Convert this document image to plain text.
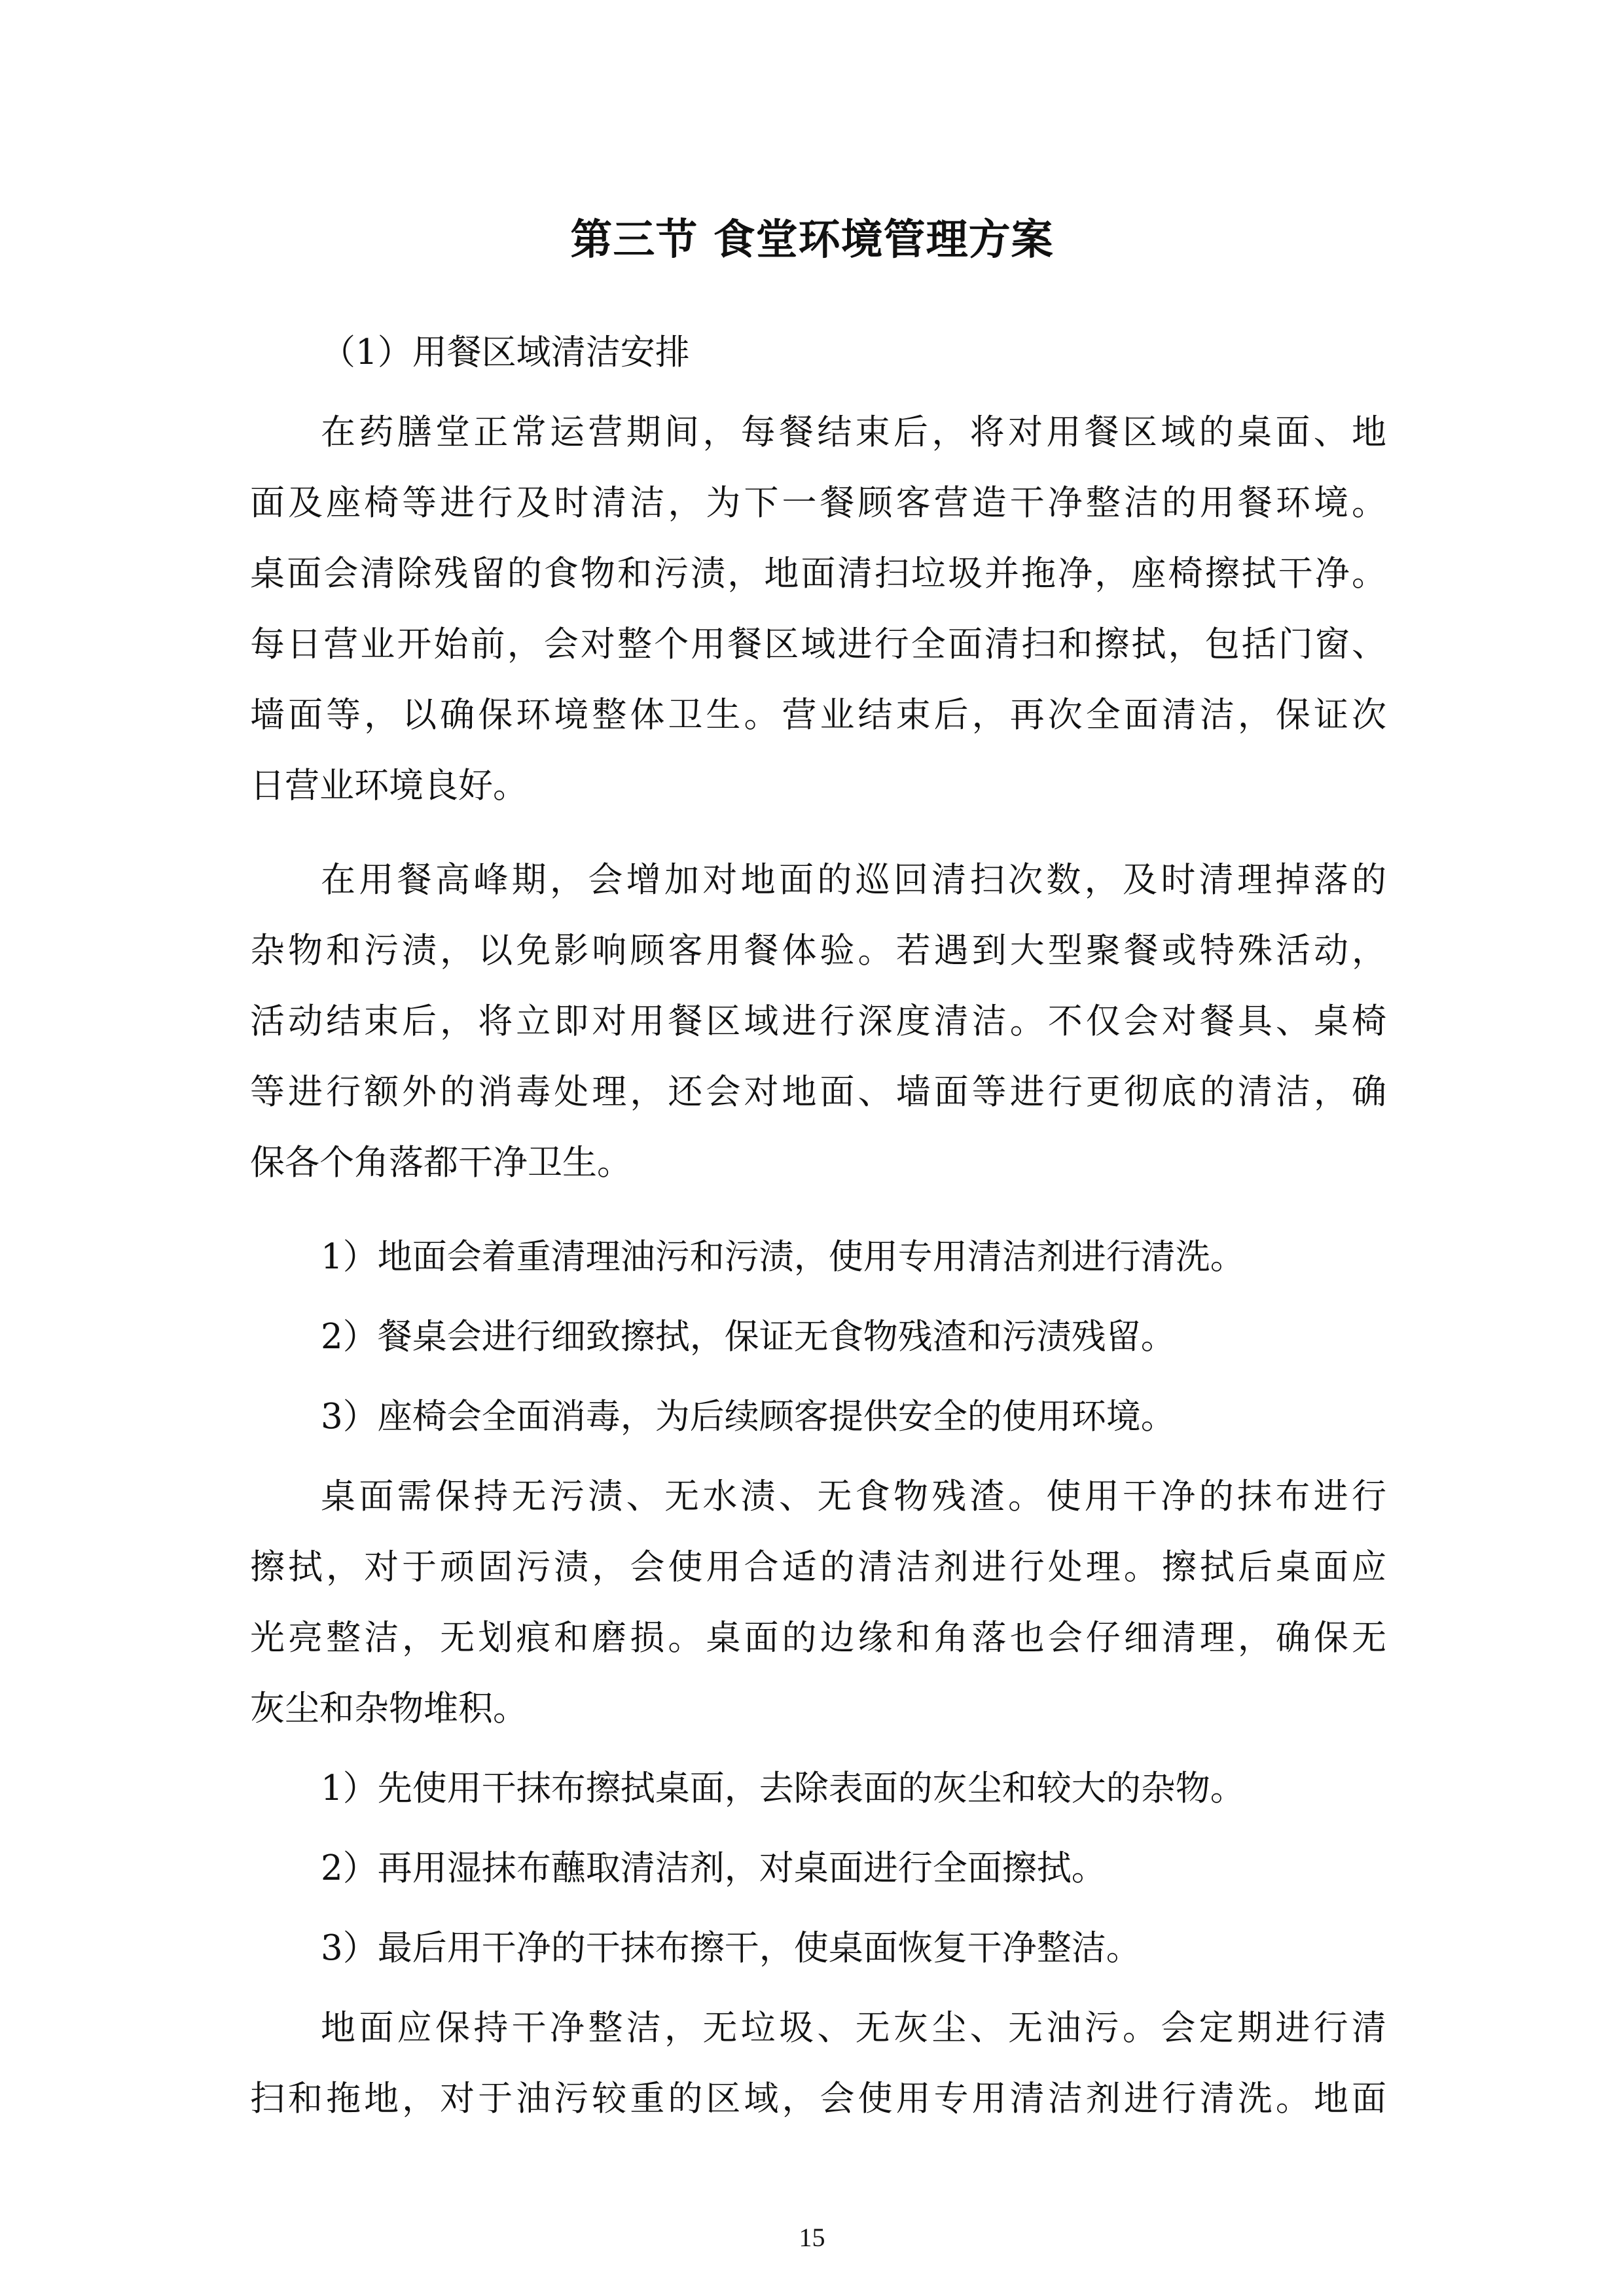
第三节 食堂环境管理方案
（1）用餐区域清洁安排
在药膳堂正常运营期间，每餐结束后，将对用餐区域的桌面、地
面及座椅等进行及时清洁，为下一餐顾客营造干净整洁的用餐环境。
桌面会清除残留的食物和污渍，地面清扫垃圾并拖净，座椅擦拭干净。
每日营业开始前，会对整个用餐区域进行全面清扫和擦拭，包括门窗、
墙面等，以确保环境整体卫生。营业结束后，再次全面清洁，保证次
日营业环境良好。
在用餐高峰期，会增加对地面的巡回清扫次数，及时清理掉落的
杂物和污渍，以免影响顾客用餐体验。若遇到大型聚餐或特殊活动，
活动结束后，将立即对用餐区域进行深度清洁。不仅会对餐具、桌椅
等进行额外的消毒处理，还会对地面、墙面等进行更彻底的清洁，确
保各个角落都干净卫生。
1）地面会着重清理油污和污渍，使用专用清洁剂进行清洗。
2）餐桌会进行细致擦拭，保证无食物残渣和污渍残留。
3）座椅会全面消毒，为后续顾客提供安全的使用环境。
桌面需保持无污渍、无水渍、无食物残渣。使用干净的抹布进行
擦拭，对于顽固污渍，会使用合适的清洁剂进行处理。擦拭后桌面应
光亮整洁，无划痕和磨损。桌面的边缘和角落也会仔细清理，确保无
灰尘和杂物堆积。
1）先使用干抹布擦拭桌面，去除表面的灰尘和较大的杂物。
2）再用湿抹布蘸取清洁剂，对桌面进行全面擦拭。
3）最后用干净的干抹布擦干，使桌面恢复干净整洁。
地面应保持干净整洁，无垃圾、无灰尘、无油污。会定期进行清
扫和拖地，对于油污较重的区域，会使用专用清洁剂进行清洗。地面
15
